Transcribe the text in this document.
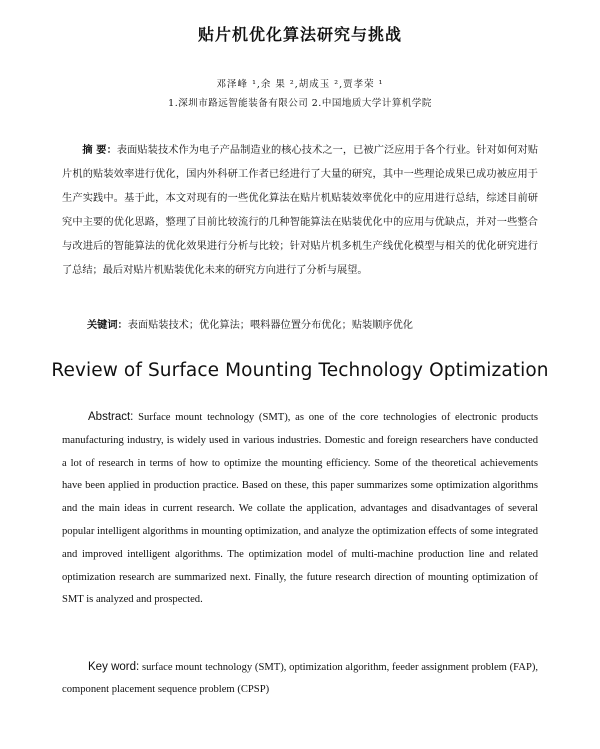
贴片机优化算法研究与挑战
邓泽峰 ¹,余 果 ²,胡成玉 ²,贾孝荣 ¹
1.深圳市路远智能装备有限公司 2.中国地质大学计算机学院
摘 要：表面贴装技术作为电子产品制造业的核心技术之一，已被广泛应用于各个行业。针对如何对贴片机的贴装效率进行优化，国内外科研工作者已经进行了大量的研究，其中一些理论成果已成功被应用于生产实践中。基于此，本文对现有的一些优化算法在贴片机贴装效率优化中的应用进行总结，综述目前研究中主要的优化思路，整理了目前比较流行的几种智能算法在贴装优化中的应用与优缺点，并对一些整合与改进后的智能算法的优化效果进行分析与比较；针对贴片机多机生产线优化模型与相关的优化研究进行了总结；最后对贴片机贴装优化未来的研究方向进行了分析与展望。
关键词：表面贴装技术；优化算法；喂料器位置分布优化；贴装顺序优化
Review of Surface Mounting Technology Optimization
Abstract: Surface mount technology (SMT), as one of the core technologies of electronic products manufacturing industry, is widely used in various industries. Domestic and foreign researchers have conducted a lot of research in terms of how to optimize the mounting efficiency. Some of the theoretical achievements have been applied in production practice. Based on these, this paper summarizes some optimization algorithms and the main ideas in current research. We collate the application, advantages and disadvantages of several popular intelligent algorithms in mounting optimization, and analyze the optimization effects of some integrated and improved intelligent algorithms. The optimization model of multi-machine production line and related optimization research are summarized next. Finally, the future research direction of mounting optimization of SMT is analyzed and prospected.
Key word: surface mount technology (SMT), optimization algorithm, feeder assignment problem (FAP), component placement sequence problem (CPSP)
